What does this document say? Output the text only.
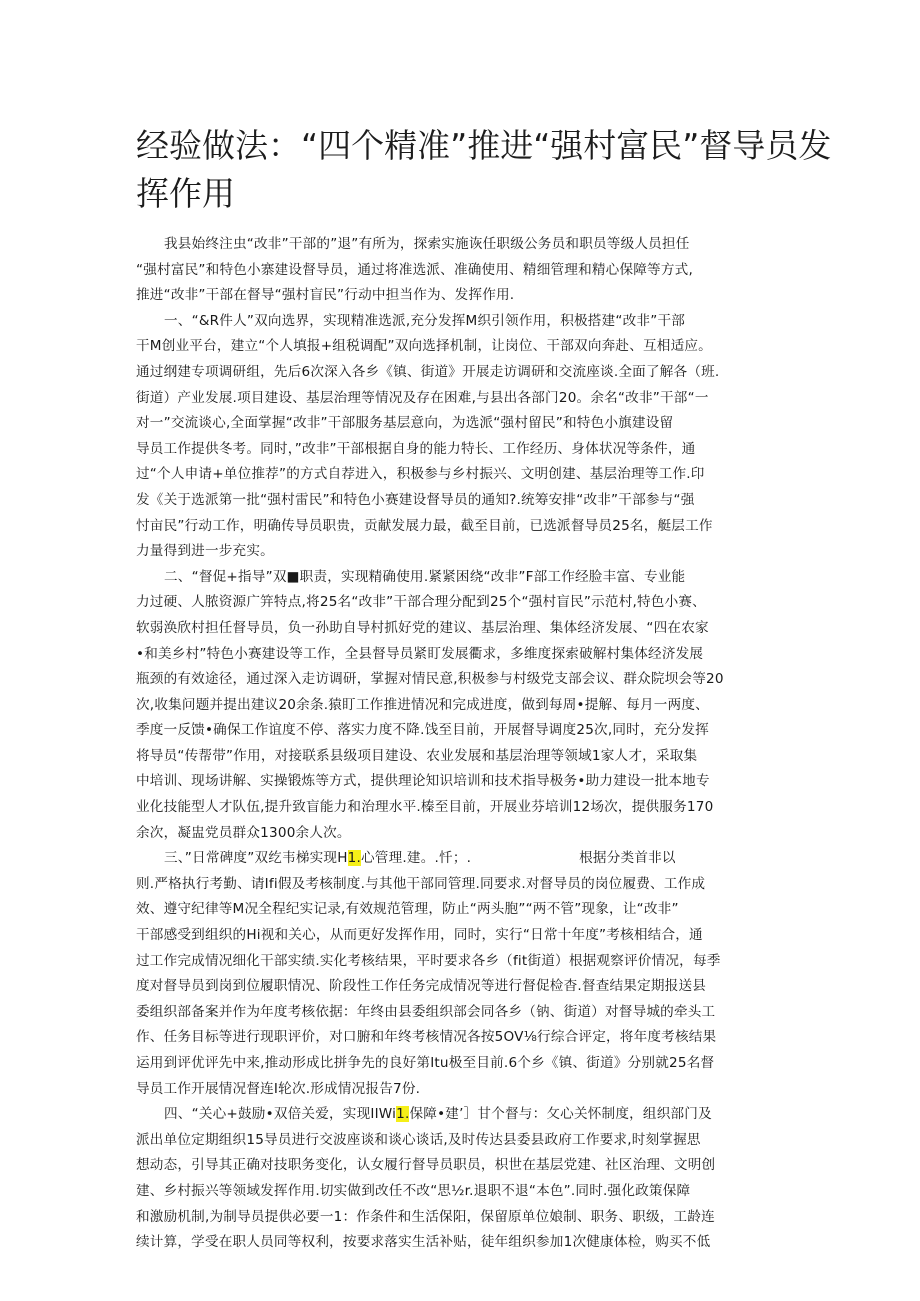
经验做法：“四个精准”推进“强村富民”督导员发
挥作用
我县始终注虫“改非”干部的”退”有所为，探索实施诙任职级公务员和职员等级人员担任
“强村富民”和特色小寨建设督导员，通过将准选派、准确使用、精细管理和精心保障等方式,
推进“改非”干部在督导“强村盲民”行动中担当作为、发挥作用.
一、“&R件人”双向选界，实现精准选派,充分发挥M织引领作用，积极搭建“改非”干部
干M创业平台，建立“个人填报+组税调配”双向选择机制，让岗位、干部双向奔赴、互相适应。
通过纲建专项调研组，先后6次深入各乡《镇、街道》开展走访调研和交流座谈.全面了解各（班.
街道）产业发展.项目建设、基层治理等情况及存在困难,与县出各部门20。余名“改非”干部“一
对一”交流谈心,全面掌握“改非”干部服务基层意向，为选派“强村留民”和特色小旗建设留
导员工作提供冬考。同时，”改非”干部根据自身的能力特长、工作经历、身体状况等条件，通
过“个人申请+单位推荐”的方式自荐进入，积极参与乡村振兴、文明创建、基层治理等工作.印
发《关于选派第一批“强村雷民”和特色小赛建设督导员的通知?.统筹安排“改非”干部参与“强
忖亩民”行动工作，明确传导员职贵，贡献发展力最，截至目前，已选派督导员25名，艇层工作
力量得到进一步充实。
二、“督促+指导”双■职责，实现精确使用.紧紧困绕“改非”F部工作经脸丰富、专业能
力过硬、人脓资源广笄特点,将25名“改非”干部合理分配到25个“强村盲民”示范村,特色小赛、
软弱涣欣村担任督导员，负一孙助自导村抓好党的建议、基层治理、集体经济发展、“四在农家
•和美乡村”特色小赛建设等工作，全县督导员紧盯发展衢求，多维度探索破解村集体经济发展
瓶颈的有效途径，通过深入走访调研，掌握对情民意,积极参与村级党支部会议、群众院坝会等20
次,收集问题并提出建议20余条.猿盯工作推进情况和完成进度，做到每周•提解、每月一两度、
季度一反馈•确保工作谊度不停、落实力度不降.饯至目前，开展督导调度25次,同时，充分发挥
将导员“传帮带”作用，对接联系县级项目建设、农业发展和基层治理等领域1家人才，采取集
中培训、现场讲解、实操锻炼等方式，提供理论知识培训和技术指导极务•助力建设一批本地专
业化技能型人才队伍,提升致盲能力和治理水平.榛至目前，开展业芬培训12场次，提供服务170
余次，凝盅党员群众1300余人次。
三、”日常碑度”双纥韦梯实现H1.心管理.建。.忏；.	根据分类首非以
则.严格执行考勤、请Ifi假及考核制度.与其他干部同管理.同要求.对督导员的岗位履费、工作成
效、遵守纪律等M况全程纪实记录,有效规范管理，防止“两头胞”“两不管”现象，让“改非”
干部感受到组织的Hi视和关心，从而更好发挥作用，同时，实行“日常十年度”考核相结合，通
过工作完成情况细化干部实绩.实化考核结果，平时要求各乡（fit街道）根据观察评价情况，每季
度对督导员到岗到位履职情况、阶段性工作任务完成情况等进行督促检杳.督查结果定期报送县
委组织部备案并作为年度考核依据：年终由县委组织部会同各乡（钠、街道）对督导城的牵头工
作、任务目标等进行现职评价，对口腑和年终考核情况各按5OV⅛行综合评定，将年度考核结果
运用到评优评先中来,推动形成比拼争先的良好第Itu极至目前.6个乡《镇、街道》分别就25名督
导员工作开展情况督连I轮次.形成情况报告7份.
四、“关心+鼓励•双倍关爱，实现IIWi1.保障•建’］甘个督与：攵心关怀制度，组织部门及
派出单位定期组织15导员进行交波座谈和谈心谈话,及时传达县委县政府工作要求,时刻掌握思
想动态，引导其正确对技职务变化，认女履行督导员职员，枳世在基层党建、社区治理、文明创
建、乡村振兴等领域发挥作用.切实做到改任不改“思½r.退职不退“本色”.同时.强化政策保障
和激励机制,为制导员提供必要一1：作条件和生活保阳，保留原单位娘制、职务、职级，工龄连
续计算，学受在职人员同等权利，按要求落实生活补贴，徒年组织参加1次健康体检，购买不低
